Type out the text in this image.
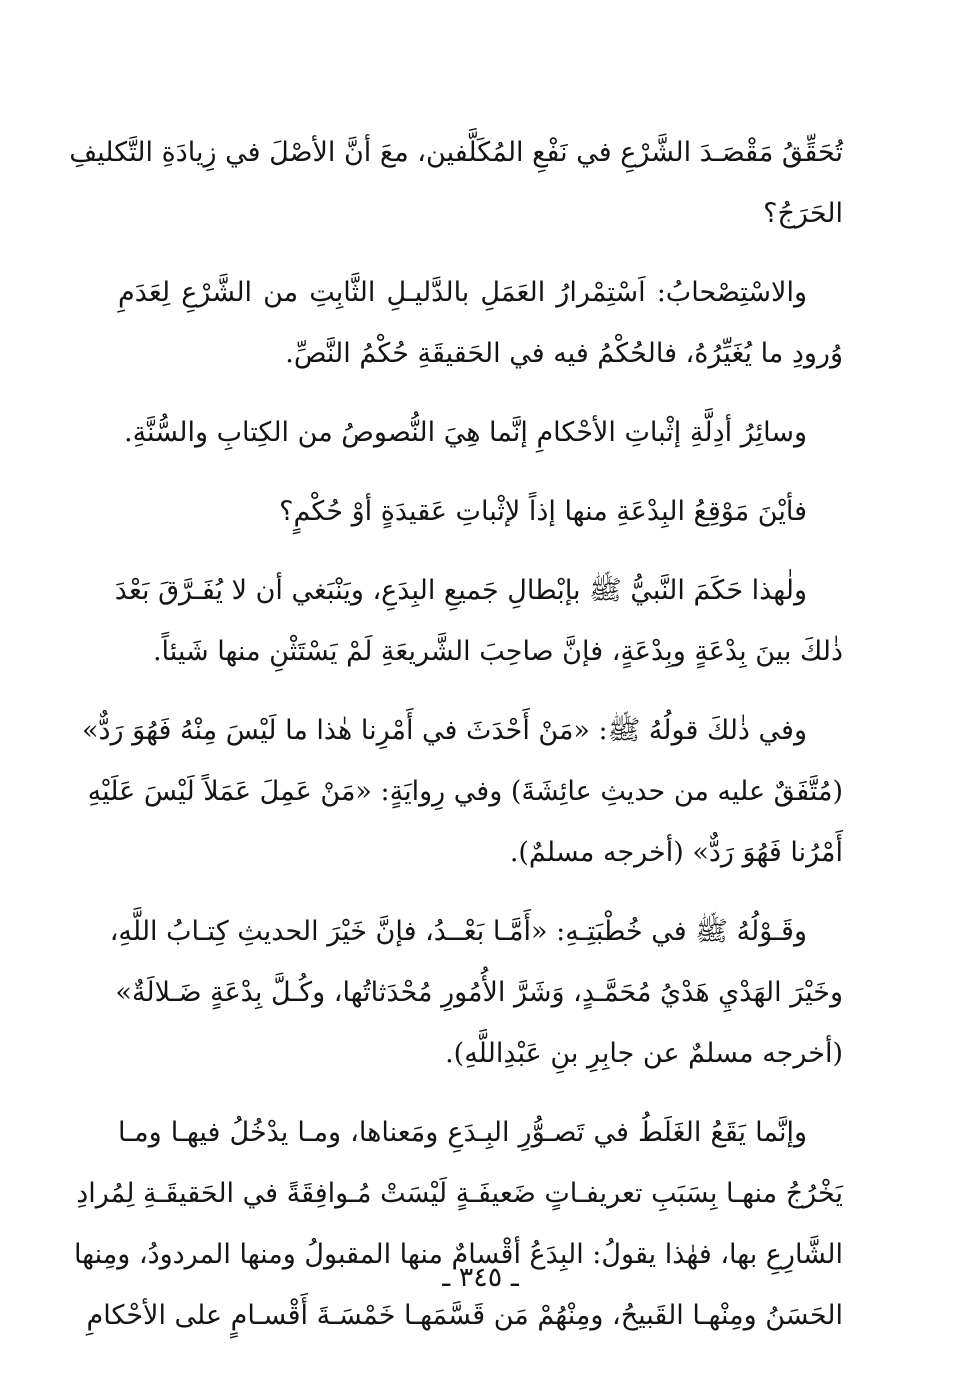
تُحَقِّقُ مَقْصَـدَ الشَّرْعِ في نَفْعِ المُكَلَّفين، معَ أنَّ الأصْلَ في زِيادَةِ التَّكليفِ
الحَرَجُ؟
والاسْتِصْحابُ: اَسْتِمْرارُ العَمَلِ بالدَّليـلِ الثَّابِتِ من الشَّرْعِ لِعَدَمِ
وُرودِ ما يُغَيِّرُهُ، فالحُكْمُ فيه في الحَقيقَةِ حُكْمُ النَّصِّ.
وسائِرُ أدِلَّةِ إثْباتِ الأحْكامِ إنَّما هِيَ النُّصوصُ من الكِتابِ والسُّنَّةِ.
فأيْنَ مَوْقِعُ البِدْعَةِ منها إذاً لإثْباتِ عَقيدَةٍ أوْ حُكْمٍ؟
ولٰهذا حَكَمَ النَّبيُّ ﷺ بإبْطالِ جَميعِ البِدَعِ، ويَنْبَغي أن لا يُفَـرَّقَ بَعْدَ
ذٰلكَ بينَ بِدْعَةٍ وبِدْعَةٍ، فإنَّ صاحِبَ الشَّريعَةِ لَمْ يَسْتَثْنِ منها شَيئاً.
وفي ذٰلكَ قولُهُ ﷺ: «مَنْ أَحْدَثَ في أَمْرِنا هٰذا ما لَيْسَ مِنْهُ فَهُوَ رَدٌّ»
(مُتَّفَقٌ عليه من حديثِ عائِشَةَ) وفي رِوايَةٍ: «مَنْ عَمِلَ عَمَلاً لَيْسَ عَلَيْهِ
أَمْرُنا فَهُوَ رَدٌّ» (أخرجه مسلمٌ).
وقَـوْلُهُ ﷺ في خُطْبَتِـهِ: «أَمَّـا بَعْــدُ، فإنَّ خَيْرَ الحديثِ كِتـابُ اللَّهِ،
وخَيْرَ الهَدْيِ هَدْيُ مُحَمَّـدٍ، وَشَرَّ الأُمُورِ مُحْدَثاتُها، وكُـلَّ بِدْعَةٍ ضَـلالَةٌ»
(أخرجه مسلمٌ عن جابِرِ بنِ عَبْدِاللَّهِ).
وإنَّما يَقَعُ الغَلَطُ في تَصـوُّرِ البِـدَعِ ومَعناها، ومـا يدْخُلُ فيهـا ومـا
يَخْرُجُ منهـا بِسَبَبِ تعريفـاتٍ ضَعيفَـةٍ لَيْسَتْ مُـوافِقَةً في الحَقيقَـةِ لِمُرادِ
الشَّارِعِ بها، فهٰذا يقولُ: البِدَعُ أقْسامٌ منها المقبولُ ومنها المردودُ، ومِنها
الحَسَنُ ومِنْهـا القَبيحُ، ومِنْهُمْ مَن قَسَّمَهـا خَمْسَـةَ أَقْسـامٍ على الأحْكامِ
ـ ٣٤٥ ـ
